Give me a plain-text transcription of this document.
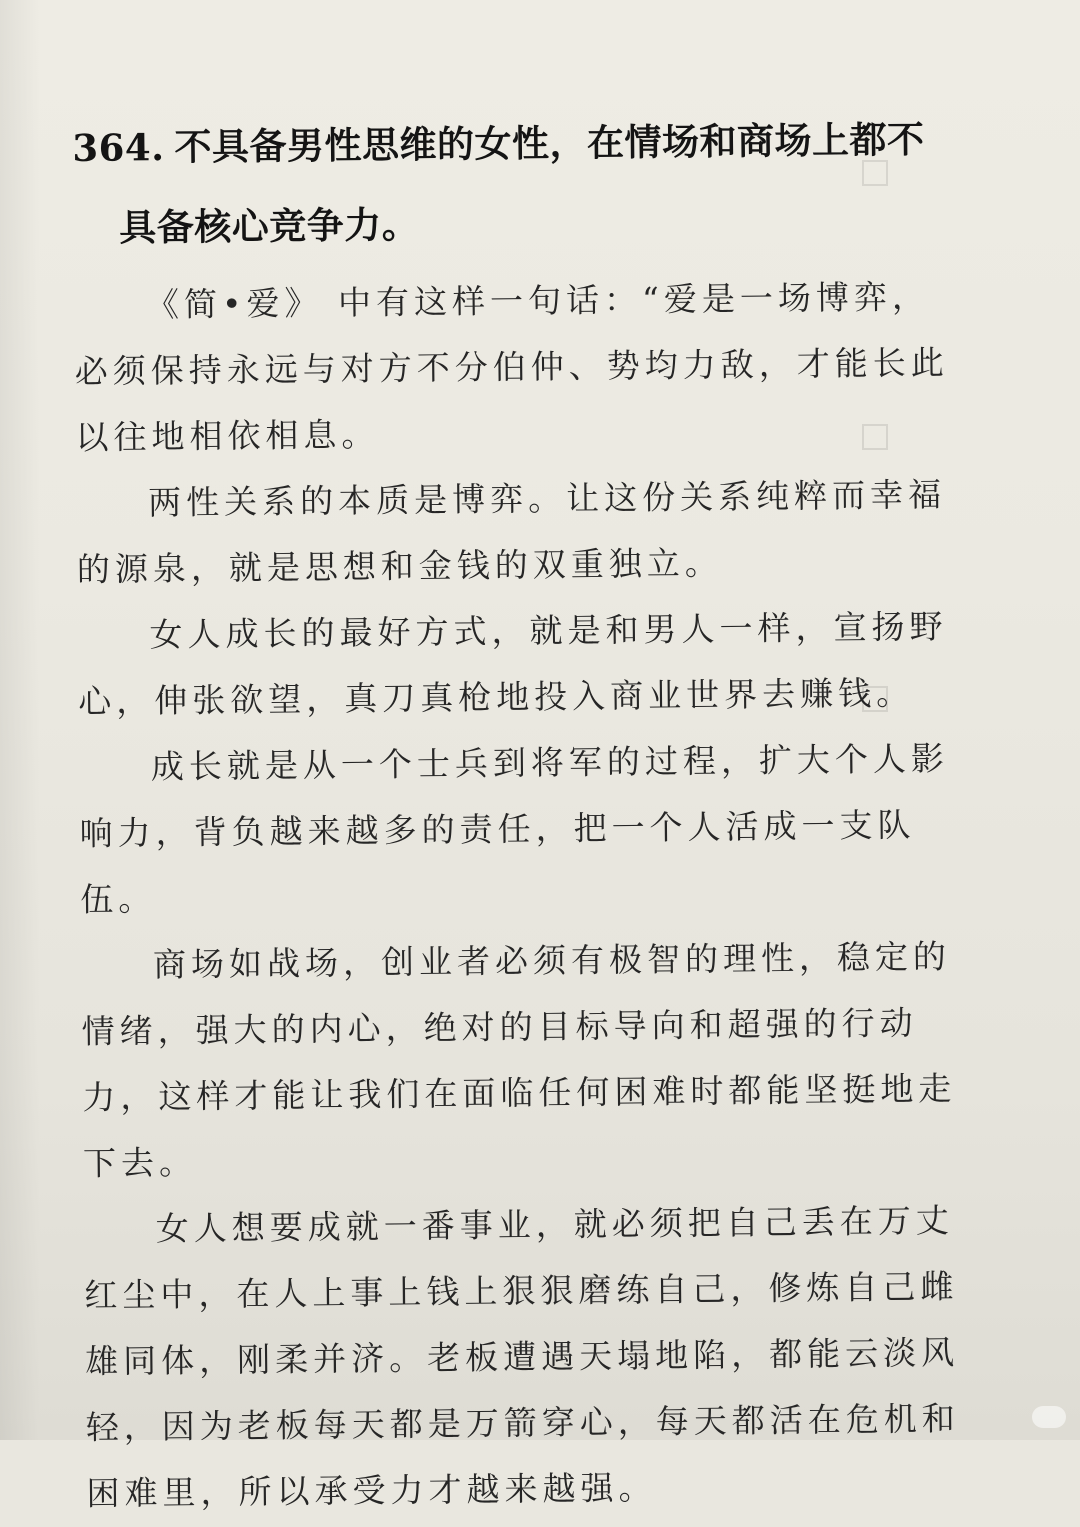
364. 不具备男性思维的女性，在情场和商场上都不具备核心竞争力。

《简•爱》 中有这样一句话：“爱是一场博弈，必须保持永远与对方不分伯仲、势均力敌，才能长此以往地相依相息。

两性关系的本质是博弈。让这份关系纯粹而幸福的源泉，就是思想和金钱的双重独立。

女人成长的最好方式，就是和男人一样，宣扬野心，伸张欲望，真刀真枪地投入商业世界去赚钱。

成长就是从一个士兵到将军的过程，扩大个人影响力，背负越来越多的责任，把一个人活成一支队伍。

商场如战场，创业者必须有极智的理性，稳定的情绪，强大的内心，绝对的目标导向和超强的行动力，这样才能让我们在面临任何困难时都能坚挺地走下去。

女人想要成就一番事业，就必须把自己丢在万丈红尘中，在人上事上钱上狠狠磨练自己，修炼自己雌雄同体，刚柔并济。老板遭遇天塌地陷，都能云淡风轻，因为老板每天都是万箭穿心，每天都活在危机和困难里，所以承受力才越来越强。
